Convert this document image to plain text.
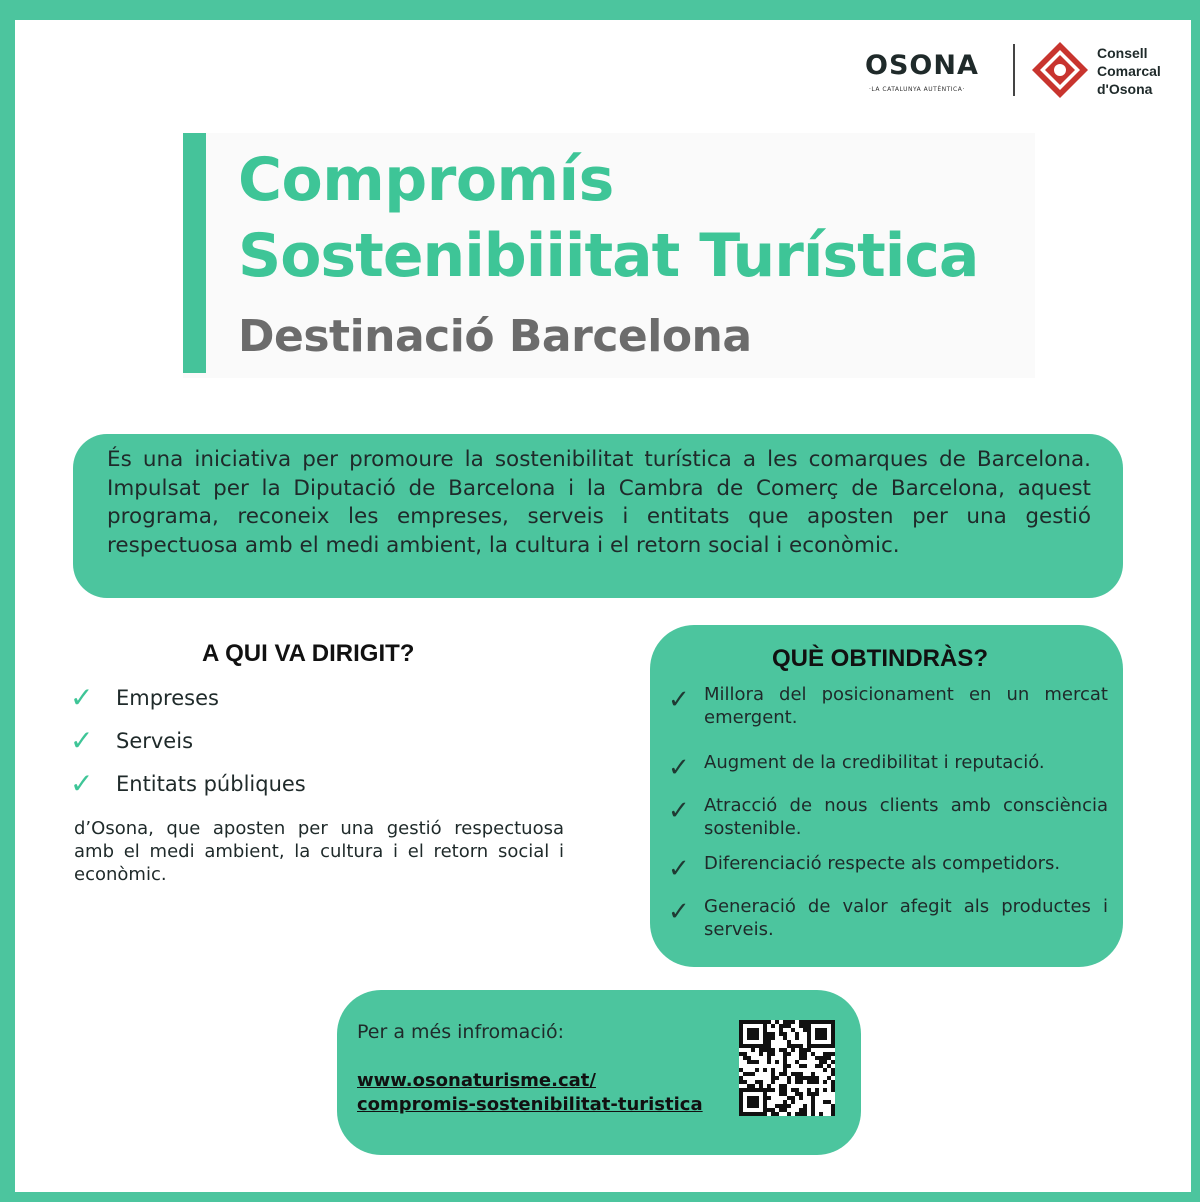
OSONA
·LA CATALUNYA AUTÈNTICA·
Consell
Comarcal
d'Osona
Compromís
Sostenibiiitat Turística
Destinació Barcelona

És una iniciativa per promoure la sostenibilitat turística a les comarques de Barcelona. Impulsat per la Diputació de Barcelona i la Cambra de Comerç de Barcelona, aquest programa, reconeix les empreses, serveis i entitats que aposten per una gestió respectuosa amb el medi ambient, la cultura i el retorn social i econòmic.

A QUI VA DIRIGIT?
✓ Empreses
✓ Serveis
✓ Entitats públiques

d’Osona, que aposten per una gestió respectuosa amb el medi ambient, la cultura i el retorn social i econòmic.

QUÈ OBTINDRÀS?
✓ Millora del posicionament en un mercat emergent.
✓ Augment de la credibilitat i reputació.
✓ Atracció de nous clients amb consciència sostenible.
✓ Diferenciació respecte als competidors.
✓ Generació de valor afegit als productes i serveis.
Per a més infromació:
www.osonaturisme.cat/
compromis-sostenibilitat-turistica
